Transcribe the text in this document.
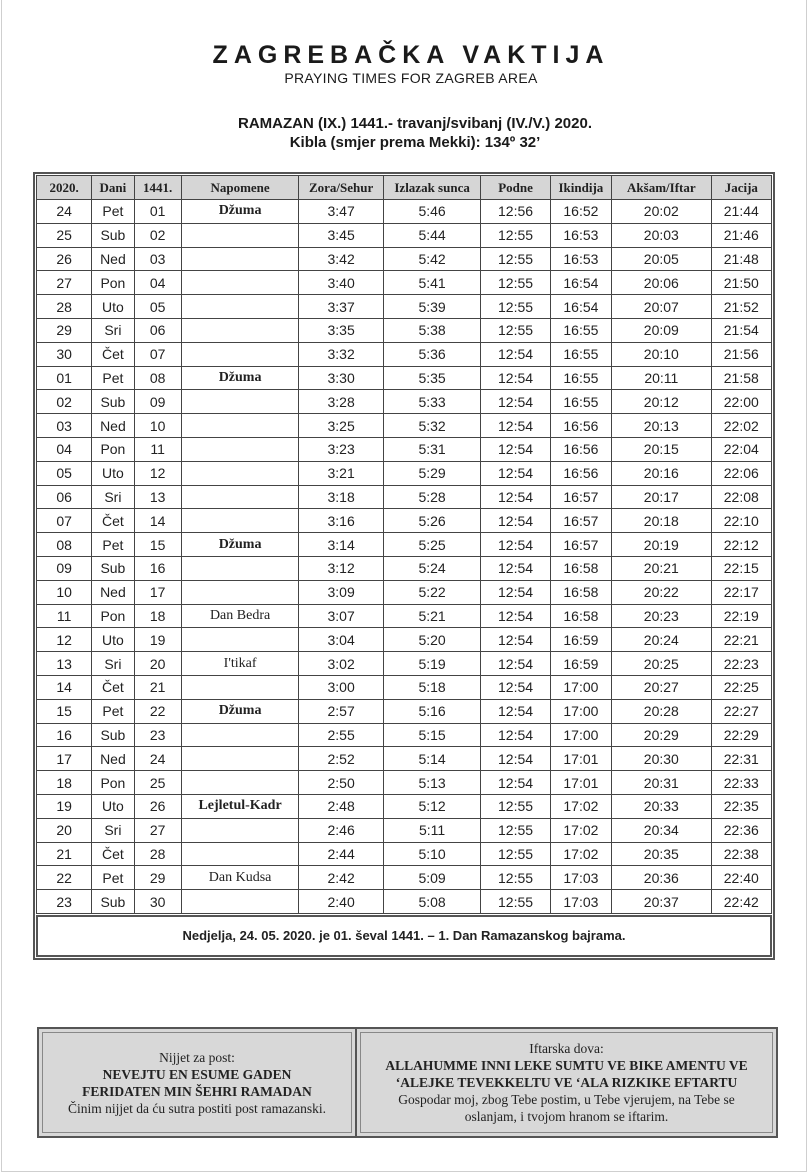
ZAGREBAČKA VAKTIJA

PRAYING TIMES FOR ZAGREB AREA

RAMAZAN (IX.) 1441.- travanj/svibanj (IV./V.) 2020.
Kibla (smjer prema Mekki): 134º 32’
2020.	Dani	1441.	Napomene	Zora/Sehur	Izlazak sunca	Podne	Ikindija	Akšam/Iftar	Jacija
24	Pet	01	Džuma	3:47	5:46	12:56	16:52	20:02	21:44
25	Sub	02		3:45	5:44	12:55	16:53	20:03	21:46
26	Ned	03		3:42	5:42	12:55	16:53	20:05	21:48
27	Pon	04		3:40	5:41	12:55	16:54	20:06	21:50
28	Uto	05		3:37	5:39	12:55	16:54	20:07	21:52
29	Sri	06		3:35	5:38	12:55	16:55	20:09	21:54
30	Čet	07		3:32	5:36	12:54	16:55	20:10	21:56
01	Pet	08	Džuma	3:30	5:35	12:54	16:55	20:11	21:58
02	Sub	09		3:28	5:33	12:54	16:55	20:12	22:00
03	Ned	10		3:25	5:32	12:54	16:56	20:13	22:02
04	Pon	11		3:23	5:31	12:54	16:56	20:15	22:04
05	Uto	12		3:21	5:29	12:54	16:56	20:16	22:06
06	Sri	13		3:18	5:28	12:54	16:57	20:17	22:08
07	Čet	14		3:16	5:26	12:54	16:57	20:18	22:10
08	Pet	15	Džuma	3:14	5:25	12:54	16:57	20:19	22:12
09	Sub	16		3:12	5:24	12:54	16:58	20:21	22:15
10	Ned	17		3:09	5:22	12:54	16:58	20:22	22:17
11	Pon	18	Dan Bedra	3:07	5:21	12:54	16:58	20:23	22:19
12	Uto	19		3:04	5:20	12:54	16:59	20:24	22:21
13	Sri	20	I'tikaf	3:02	5:19	12:54	16:59	20:25	22:23
14	Čet	21		3:00	5:18	12:54	17:00	20:27	22:25
15	Pet	22	Džuma	2:57	5:16	12:54	17:00	20:28	22:27
16	Sub	23		2:55	5:15	12:54	17:00	20:29	22:29
17	Ned	24		2:52	5:14	12:54	17:01	20:30	22:31
18	Pon	25		2:50	5:13	12:54	17:01	20:31	22:33
19	Uto	26	Lejletul-Kadr	2:48	5:12	12:55	17:02	20:33	22:35
20	Sri	27		2:46	5:11	12:55	17:02	20:34	22:36
21	Čet	28		2:44	5:10	12:55	17:02	20:35	22:38
22	Pet	29	Dan Kudsa	2:42	5:09	12:55	17:03	20:36	22:40
23	Sub	30		2:40	5:08	12:55	17:03	20:37	22:42
Nedjelja, 24. 05. 2020. je 01. ševal 1441. – 1. Dan Ramazanskog bajrama.
Nijjet za post:
NEVEJTU EN ESUME GADEN
FERIDATEN MIN ŠEHRI RAMADAN
Činim nijjet da ću sutra postiti post ramazanski.
Iftarska dova:
ALLAHUMME INNI LEKE SUMTU VE BIKE AMENTU VE
‘ALEJKE TEVEKKELTU VE ‘ALA RIZKIKE EFTARTU
Gospodar moj, zbog Tebe postim, u Tebe vjerujem, na Tebe se
oslanjam, i tvojom hranom se iftarim.
